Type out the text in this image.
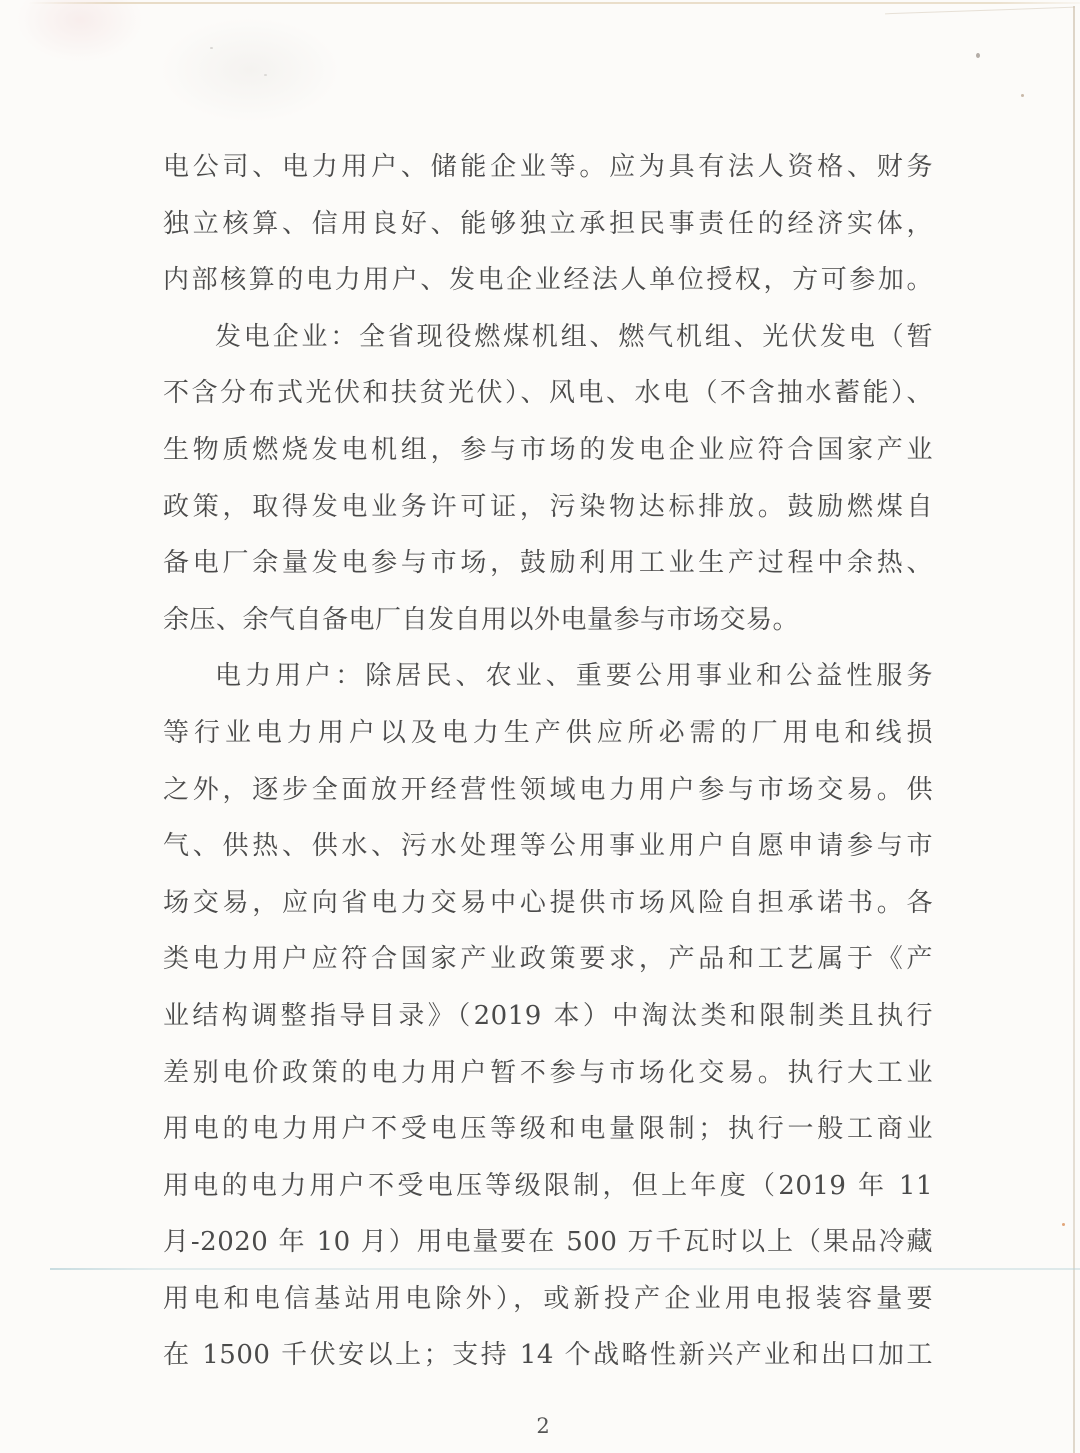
电公司、电力用户、储能企业等。应为具有法人资格、财务
独立核算、信用良好、能够独立承担民事责任的经济实体，
内部核算的电力用户、发电企业经法人单位授权，方可参加。
发电企业：全省现役燃煤机组、燃气机组、光伏发电（暂
不含分布式光伏和扶贫光伏）、风电、水电（不含抽水蓄能）、
生物质燃烧发电机组，参与市场的发电企业应符合国家产业
政策，取得发电业务许可证，污染物达标排放。鼓励燃煤自
备电厂余量发电参与市场，鼓励利用工业生产过程中余热、
余压、余气自备电厂自发自用以外电量参与市场交易。
电力用户：除居民、农业、重要公用事业和公益性服务
等行业电力用户以及电力生产供应所必需的厂用电和线损
之外，逐步全面放开经营性领域电力用户参与市场交易。供
气、供热、供水、污水处理等公用事业用户自愿申请参与市
场交易，应向省电力交易中心提供市场风险自担承诺书。各
类电力用户应符合国家产业政策要求，产品和工艺属于《产
业结构调整指导目录》（2019 本）中淘汰类和限制类且执行
差别电价政策的电力用户暂不参与市场化交易。执行大工业
用电的电力用户不受电压等级和电量限制；执行一般工商业
用电的电力用户不受电压等级限制，但上年度（2019 年 11
月-2020 年 10 月）用电量要在 500 万千瓦时以上（果品冷藏
用电和电信基站用电除外），或新投产企业用电报装容量要
在 1500 千伏安以上；支持 14 个战略性新兴产业和出口加工
2
